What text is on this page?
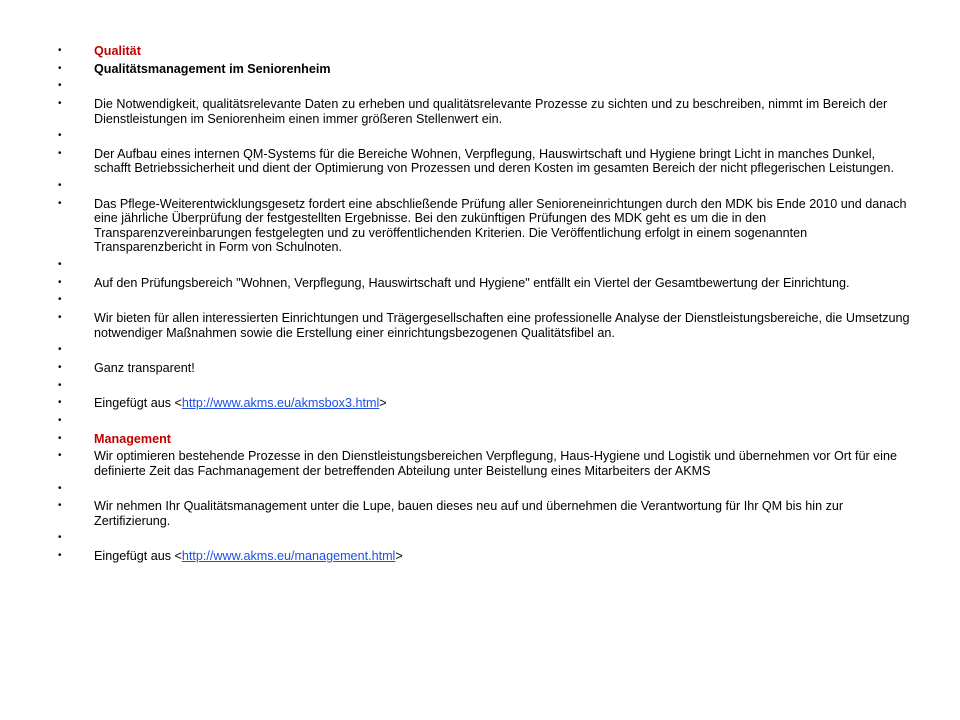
•	Qualität
•	Qualitätsmanagement im Seniorenheim
•
•	Die Notwendigkeit, qualitätsrelevante Daten zu erheben und qualitätsrelevante Prozesse zu sichten und zu beschreiben, nimmt im Bereich der Dienstleistungen im Seniorenheim einen immer größeren Stellenwert ein.
•
•	Der Aufbau eines internen QM-Systems für die Bereiche Wohnen, Verpflegung, Hauswirtschaft und Hygiene bringt Licht in manches Dunkel, schafft Betriebssicherheit und dient der Optimierung von Prozessen und deren Kosten im gesamten Bereich der nicht pflegerischen Leistungen.
•
•	Das Pflege-Weiterentwicklungsgesetz fordert eine abschließende Prüfung aller Senioreneinrichtungen durch den MDK bis Ende 2010 und danach eine jährliche Überprüfung der festgestellten Ergebnisse. Bei den zukünftigen Prüfungen des MDK geht es um die in den Transparenzvereinbarungen festgelegten und zu veröffentlichenden Kriterien. Die Veröffentlichung erfolgt in einem sogenannten Transparenzbericht in Form von Schulnoten.
•
•	Auf den Prüfungsbereich "Wohnen, Verpflegung, Hauswirtschaft und Hygiene" entfällt ein Viertel der Gesamtbewertung der Einrichtung.
•
•	Wir bieten für allen interessierten Einrichtungen und Trägergesellschaften eine professionelle Analyse der Dienstleistungsbereiche, die Umsetzung notwendiger Maßnahmen sowie die Erstellung einer einrichtungsbezogenen Qualitätsfibel an.
•
•	Ganz transparent!
•
•	Eingefügt aus <http://www.akms.eu/akmsbox3.html>
•
•	Management
•	Wir optimieren bestehende Prozesse in den Dienstleistungsbereichen Verpflegung, Haus-Hygiene und Logistik und übernehmen vor Ort für eine definierte Zeit das Fachmanagement der betreffenden Abteilung unter Beistellung eines Mitarbeiters der AKMS
•
•	Wir nehmen Ihr Qualitätsmanagement unter die Lupe, bauen dieses neu auf und übernehmen die Verantwortung für Ihr QM bis hin zur Zertifizierung.
•
•	Eingefügt aus <http://www.akms.eu/management.html>
